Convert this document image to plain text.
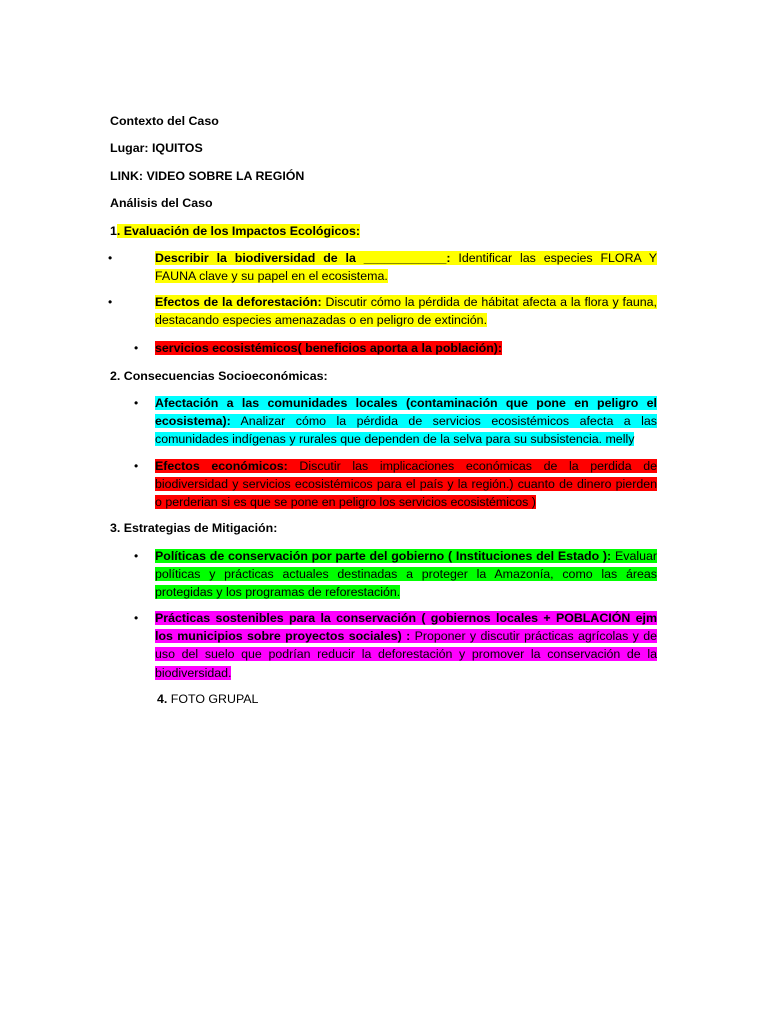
Contexto del Caso
Lugar: IQUITOS
LINK: VIDEO SOBRE LA REGIÓN
Análisis del Caso
1. Evaluación de los Impactos Ecológicos:
•	Describir la biodiversidad de la ____________: Identificar las especies FLORA Y FAUNA clave y su papel en el ecosistema.
•	Efectos de la deforestación: Discutir cómo la pérdida de hábitat afecta a la flora y fauna, destacando especies amenazadas o en peligro de extinción.
• servicios ecosistémicos( beneficios aporta a la población):
2. Consecuencias Socioeconómicas:
• Afectación a las comunidades locales (contaminación que pone en peligro el ecosistema): Analizar cómo la pérdida de servicios ecosistémicos afecta a las comunidades indígenas y rurales que dependen de la selva para su subsistencia. melly
• Efectos económicos: Discutir las implicaciones económicas de la perdida de biodiversidad y servicios ecosistémicos para el país y la región.) cuanto de dinero pierden o perderian si es que se pone en peligro los servicios ecosistémicos )
3. Estrategias de Mitigación:
• Políticas de conservación por parte del gobierno ( Instituciones del Estado ): Evaluar políticas y prácticas actuales destinadas a proteger la Amazonía, como las áreas protegidas y los programas de reforestación.
• Prácticas sostenibles para la conservación ( gobiernos locales + POBLACIÓN ejm los municipios sobre proyectos sociales) : Proponer y discutir prácticas agrícolas y de uso del suelo que podrían reducir la deforestación y promover la conservación de la biodiversidad.
4. FOTO GRUPAL
